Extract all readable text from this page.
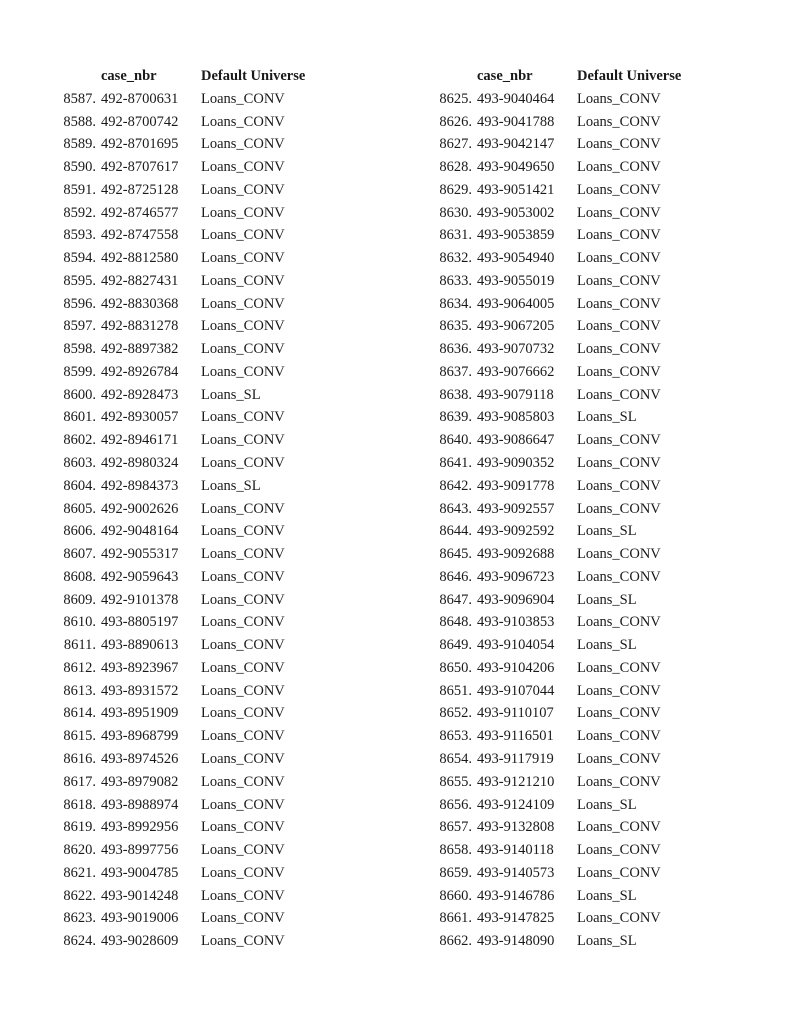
case_nbr	Default Universe
8587. 492-8700631 Loans_CONV
8588. 492-8700742 Loans_CONV
8589. 492-8701695 Loans_CONV
8590. 492-8707617 Loans_CONV
8591. 492-8725128 Loans_CONV
8592. 492-8746577 Loans_CONV
8593. 492-8747558 Loans_CONV
8594. 492-8812580 Loans_CONV
8595. 492-8827431 Loans_CONV
8596. 492-8830368 Loans_CONV
8597. 492-8831278 Loans_CONV
8598. 492-8897382 Loans_CONV
8599. 492-8926784 Loans_CONV
8600. 492-8928473 Loans_SL
8601. 492-8930057 Loans_CONV
8602. 492-8946171 Loans_CONV
8603. 492-8980324 Loans_CONV
8604. 492-8984373 Loans_SL
8605. 492-9002626 Loans_CONV
8606. 492-9048164 Loans_CONV
8607. 492-9055317 Loans_CONV
8608. 492-9059643 Loans_CONV
8609. 492-9101378 Loans_CONV
8610. 493-8805197 Loans_CONV
8611. 493-8890613 Loans_CONV
8612. 493-8923967 Loans_CONV
8613. 493-8931572 Loans_CONV
8614. 493-8951909 Loans_CONV
8615. 493-8968799 Loans_CONV
8616. 493-8974526 Loans_CONV
8617. 493-8979082 Loans_CONV
8618. 493-8988974 Loans_CONV
8619. 493-8992956 Loans_CONV
8620. 493-8997756 Loans_CONV
8621. 493-9004785 Loans_CONV
8622. 493-9014248 Loans_CONV
8623. 493-9019006 Loans_CONV
8624. 493-9028609 Loans_CONV
case_nbr	Default Universe
8625. 493-9040464 Loans_CONV
8626. 493-9041788 Loans_CONV
8627. 493-9042147 Loans_CONV
8628. 493-9049650 Loans_CONV
8629. 493-9051421 Loans_CONV
8630. 493-9053002 Loans_CONV
8631. 493-9053859 Loans_CONV
8632. 493-9054940 Loans_CONV
8633. 493-9055019 Loans_CONV
8634. 493-9064005 Loans_CONV
8635. 493-9067205 Loans_CONV
8636. 493-9070732 Loans_CONV
8637. 493-9076662 Loans_CONV
8638. 493-9079118 Loans_CONV
8639. 493-9085803 Loans_SL
8640. 493-9086647 Loans_CONV
8641. 493-9090352 Loans_CONV
8642. 493-9091778 Loans_CONV
8643. 493-9092557 Loans_CONV
8644. 493-9092592 Loans_SL
8645. 493-9092688 Loans_CONV
8646. 493-9096723 Loans_CONV
8647. 493-9096904 Loans_SL
8648. 493-9103853 Loans_CONV
8649. 493-9104054 Loans_SL
8650. 493-9104206 Loans_CONV
8651. 493-9107044 Loans_CONV
8652. 493-9110107 Loans_CONV
8653. 493-9116501 Loans_CONV
8654. 493-9117919 Loans_CONV
8655. 493-9121210 Loans_CONV
8656. 493-9124109 Loans_SL
8657. 493-9132808 Loans_CONV
8658. 493-9140118 Loans_CONV
8659. 493-9140573 Loans_CONV
8660. 493-9146786 Loans_SL
8661. 493-9147825 Loans_CONV
8662. 493-9148090 Loans_SL
